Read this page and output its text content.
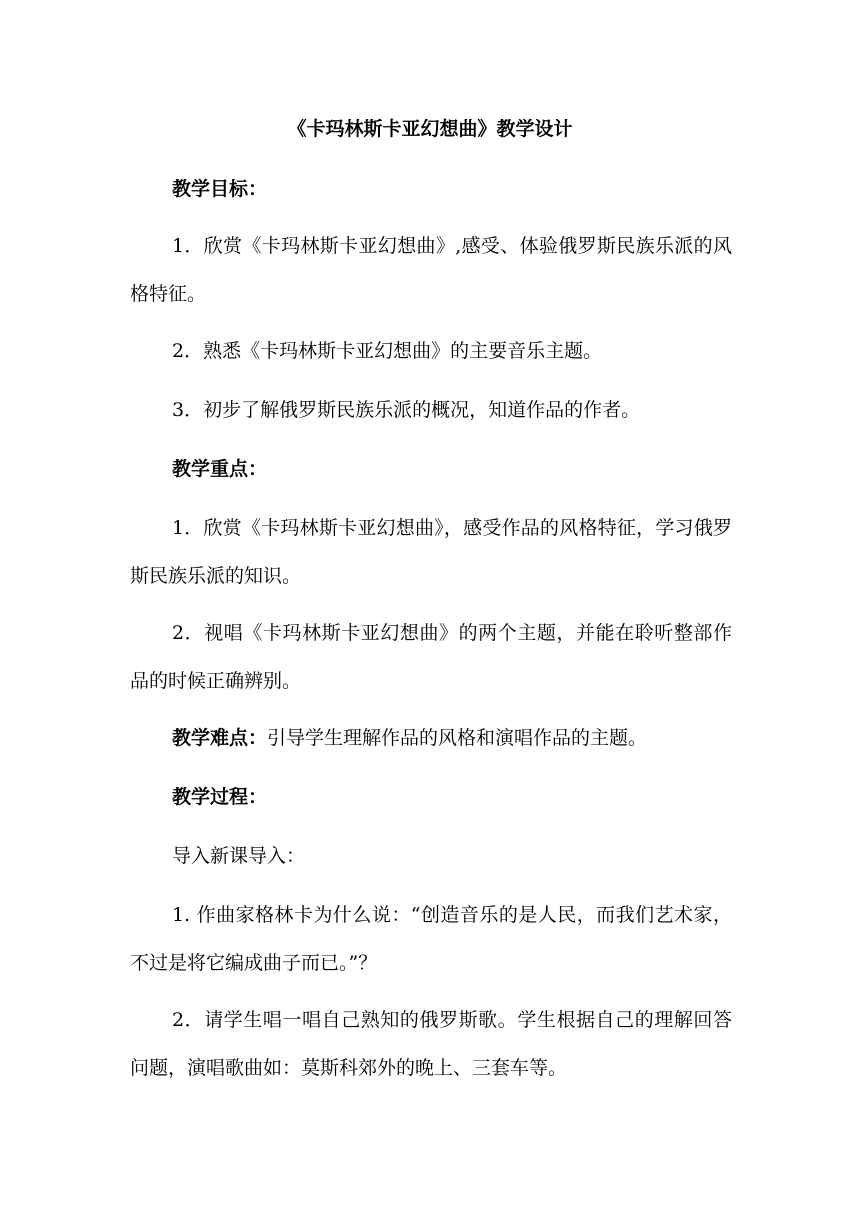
《卡玛林斯卡亚幻想曲》教学设计
教学目标：
1．欣赏《卡玛林斯卡亚幻想曲》,感受、体验俄罗斯民族乐派的风格特征。
2．熟悉《卡玛林斯卡亚幻想曲》的主要音乐主题。
3．初步了解俄罗斯民族乐派的概况，知道作品的作者。
教学重点：
1．欣赏《卡玛林斯卡亚幻想曲》，感受作品的风格特征，学习俄罗斯民族乐派的知识。
2．视唱《卡玛林斯卡亚幻想曲》的两个主题，并能在聆听整部作品的时候正确辨别。
教学难点：引导学生理解作品的风格和演唱作品的主题。
教学过程：
导入新课导入：
1. 作曲家格林卡为什么说：“创造音乐的是人民，而我们艺术家，不过是将它编成曲子而已。”？
2．请学生唱一唱自己熟知的俄罗斯歌。学生根据自己的理解回答问题，演唱歌曲如：莫斯科郊外的晚上、三套车等。
